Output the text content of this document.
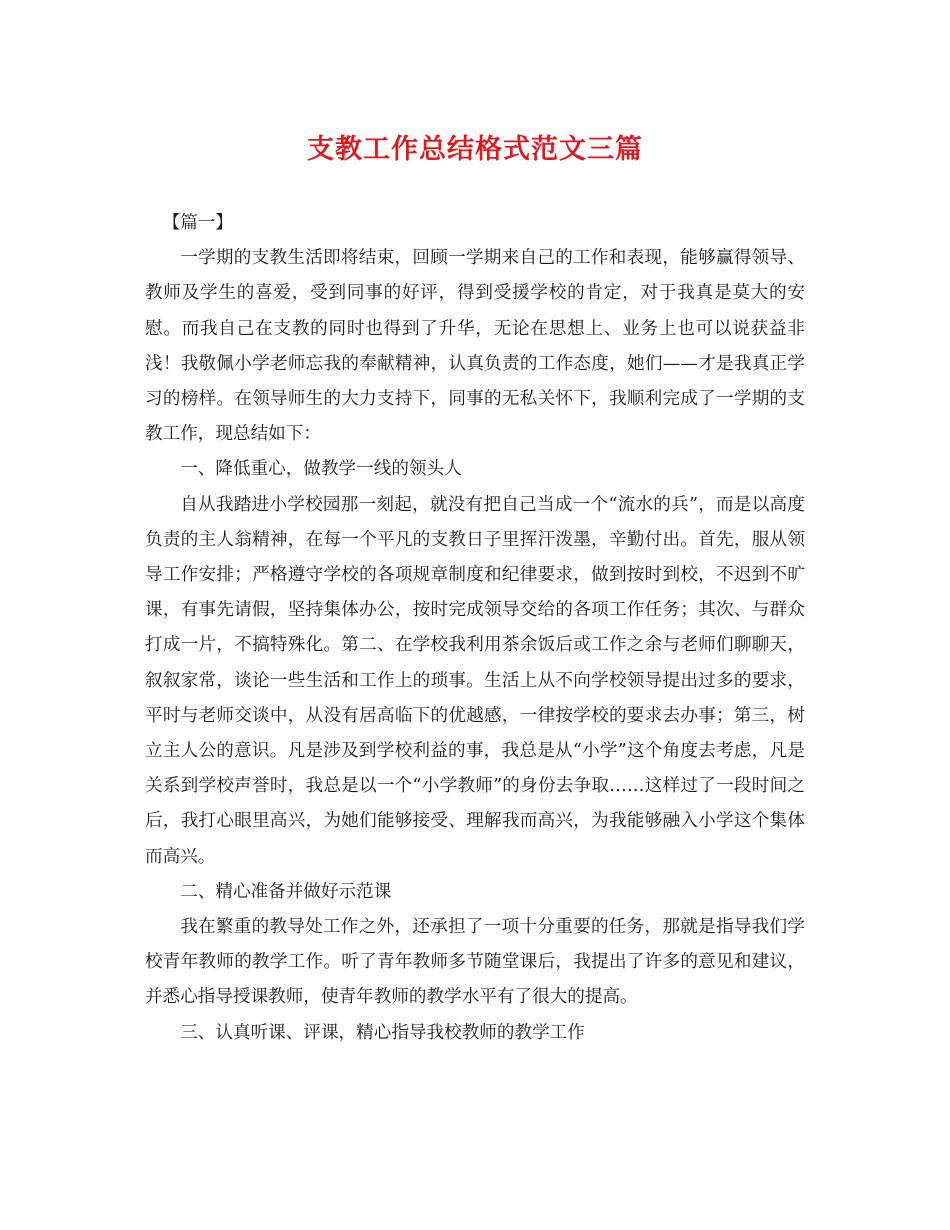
支教工作总结格式范文三篇

【篇一】

一学期的支教生活即将结束，回顾一学期来自己的工作和表现，能够赢得领导、教师及学生的喜爱，受到同事的好评，得到受援学校的肯定，对于我真是莫大的安慰。而我自己在支教的同时也得到了升华，无论在思想上、业务上也可以说获益非浅！我敬佩小学老师忘我的奉献精神，认真负责的工作态度，她们——才是我真正学习的榜样。在领导师生的大力支持下，同事的无私关怀下，我顺利完成了一学期的支教工作，现总结如下：

一、降低重心，做教学一线的领头人

自从我踏进小学校园那一刻起，就没有把自己当成一个“流水的兵”，而是以高度负责的主人翁精神，在每一个平凡的支教日子里挥汗泼墨，辛勤付出。首先，服从领导工作安排；严格遵守学校的各项规章制度和纪律要求，做到按时到校，不迟到不旷课，有事先请假，坚持集体办公，按时完成领导交给的各项工作任务；其次、与群众打成一片，不搞特殊化。第二、在学校我利用茶余饭后或工作之余与老师们聊聊天，叙叙家常，谈论一些生活和工作上的琐事。生活上从不向学校领导提出过多的要求，平时与老师交谈中，从没有居高临下的优越感，一律按学校的要求去办事；第三，树立主人公的意识。凡是涉及到学校利益的事，我总是从“小学”这个角度去考虑，凡是关系到学校声誉时，我总是以一个“小学教师”的身份去争取……这样过了一段时间之后，我打心眼里高兴，为她们能够接受、理解我而高兴，为我能够融入小学这个集体而高兴。

二、精心准备并做好示范课

我在繁重的教导处工作之外，还承担了一项十分重要的任务，那就是指导我们学校青年教师的教学工作。听了青年教师多节随堂课后，我提出了许多的意见和建议，并悉心指导授课教师，使青年教师的教学水平有了很大的提高。

三、认真听课、评课，精心指导我校教师的教学工作
